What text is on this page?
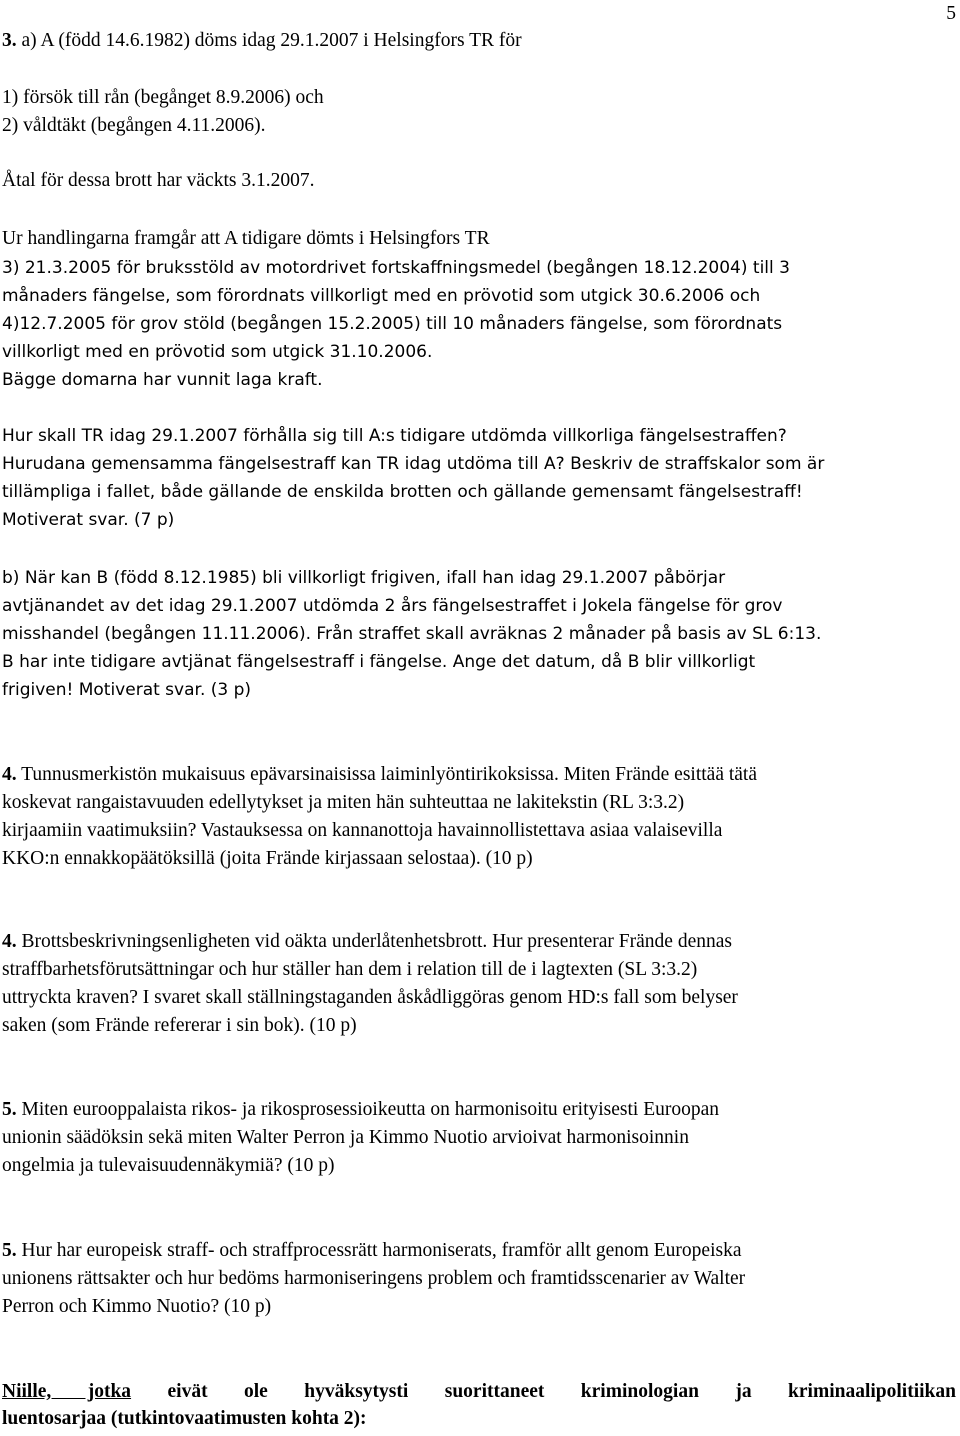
5
3. a) A (född 14.6.1982) döms idag 29.1.2007 i Helsingfors TR för
1) försök till rån (begånget 8.9.2006) och
2) våldtäkt (begången 4.11.2006).
Åtal för dessa brott har väckts 3.1.2007.
Ur handlingarna framgår att A tidigare dömts i Helsingfors TR
3) 21.3.2005 för bruksstöld av motordrivet fortskaffningsmedel (begången 18.12.2004) till 3
månaders fängelse, som förordnats villkorligt med en prövotid som utgick 30.6.2006 och
4)12.7.2005 för grov stöld (begången 15.2.2005) till 10 månaders fängelse, som förordnats
villkorligt med en prövotid som utgick 31.10.2006.
Bägge domarna har vunnit laga kraft.
Hur skall TR idag 29.1.2007 förhålla sig till A:s tidigare utdömda villkorliga fängelsestraffen?
Hurudana gemensamma fängelsestraff kan TR idag utdöma till A? Beskriv de straffskalor som är
tillämpliga i fallet, både gällande de enskilda brotten och gällande gemensamt fängelsestraff!
Motiverat svar. (7 p)
b) När kan B (född 8.12.1985) bli villkorligt frigiven, ifall han idag 29.1.2007 påbörjar
avtjänandet av det idag 29.1.2007 utdömda 2 års fängelsestraffet i Jokela fängelse för grov
misshandel (begången 11.11.2006). Från straffet skall avräknas 2 månader på basis av SL 6:13.
B har inte tidigare avtjänat fängelsestraff i fängelse. Ange det datum, då B blir villkorligt
frigiven! Motiverat svar. (3 p)
4. Tunnusmerkistön mukaisuus epävarsinaisissa laiminlyöntirikoksissa. Miten Frände esittää tätä
koskevat rangaistavuuden edellytykset ja miten hän suhteuttaa ne lakitekstin (RL 3:3.2)
kirjaamiin vaatimuksiin? Vastauksessa on kannanottoja havainnollistettava asiaa valaisevilla
KKO:n ennakkopäätöksillä (joita Frände kirjassaan selostaa). (10 p)
4. Brottsbeskrivningsenligheten vid oäkta underlåtenhetsbrott. Hur presenterar Frände dennas
straffbarhetsförutsättningar och hur ställer han dem i relation till de i lagtexten (SL 3:3.2)
uttryckta kraven? I svaret skall ställningstaganden åskådliggöras genom HD:s fall som belyser
saken (som Frände refererar i sin bok). (10 p)
5. Miten eurooppalaista rikos- ja rikosprosessioikeutta on harmonisoitu erityisesti Euroopan
unionin säädöksin sekä miten Walter Perron ja Kimmo Nuotio arvioivat harmonisoinnin
ongelmia ja tulevaisuudennäkymiä? (10 p)
5. Hur har europeisk straff- och straffprocessrätt harmoniserats, framför allt genom Europeiska
unionens rättsakter och hur bedöms harmoniseringens problem och framtidsscenarier av Walter
Perron och Kimmo Nuotio? (10 p)
Niille, jotka eivät ole hyväksytysti suorittaneet kriminologian ja kriminaalipolitiikan
luentosarjaa (tutkintovaatimusten kohta 2):
